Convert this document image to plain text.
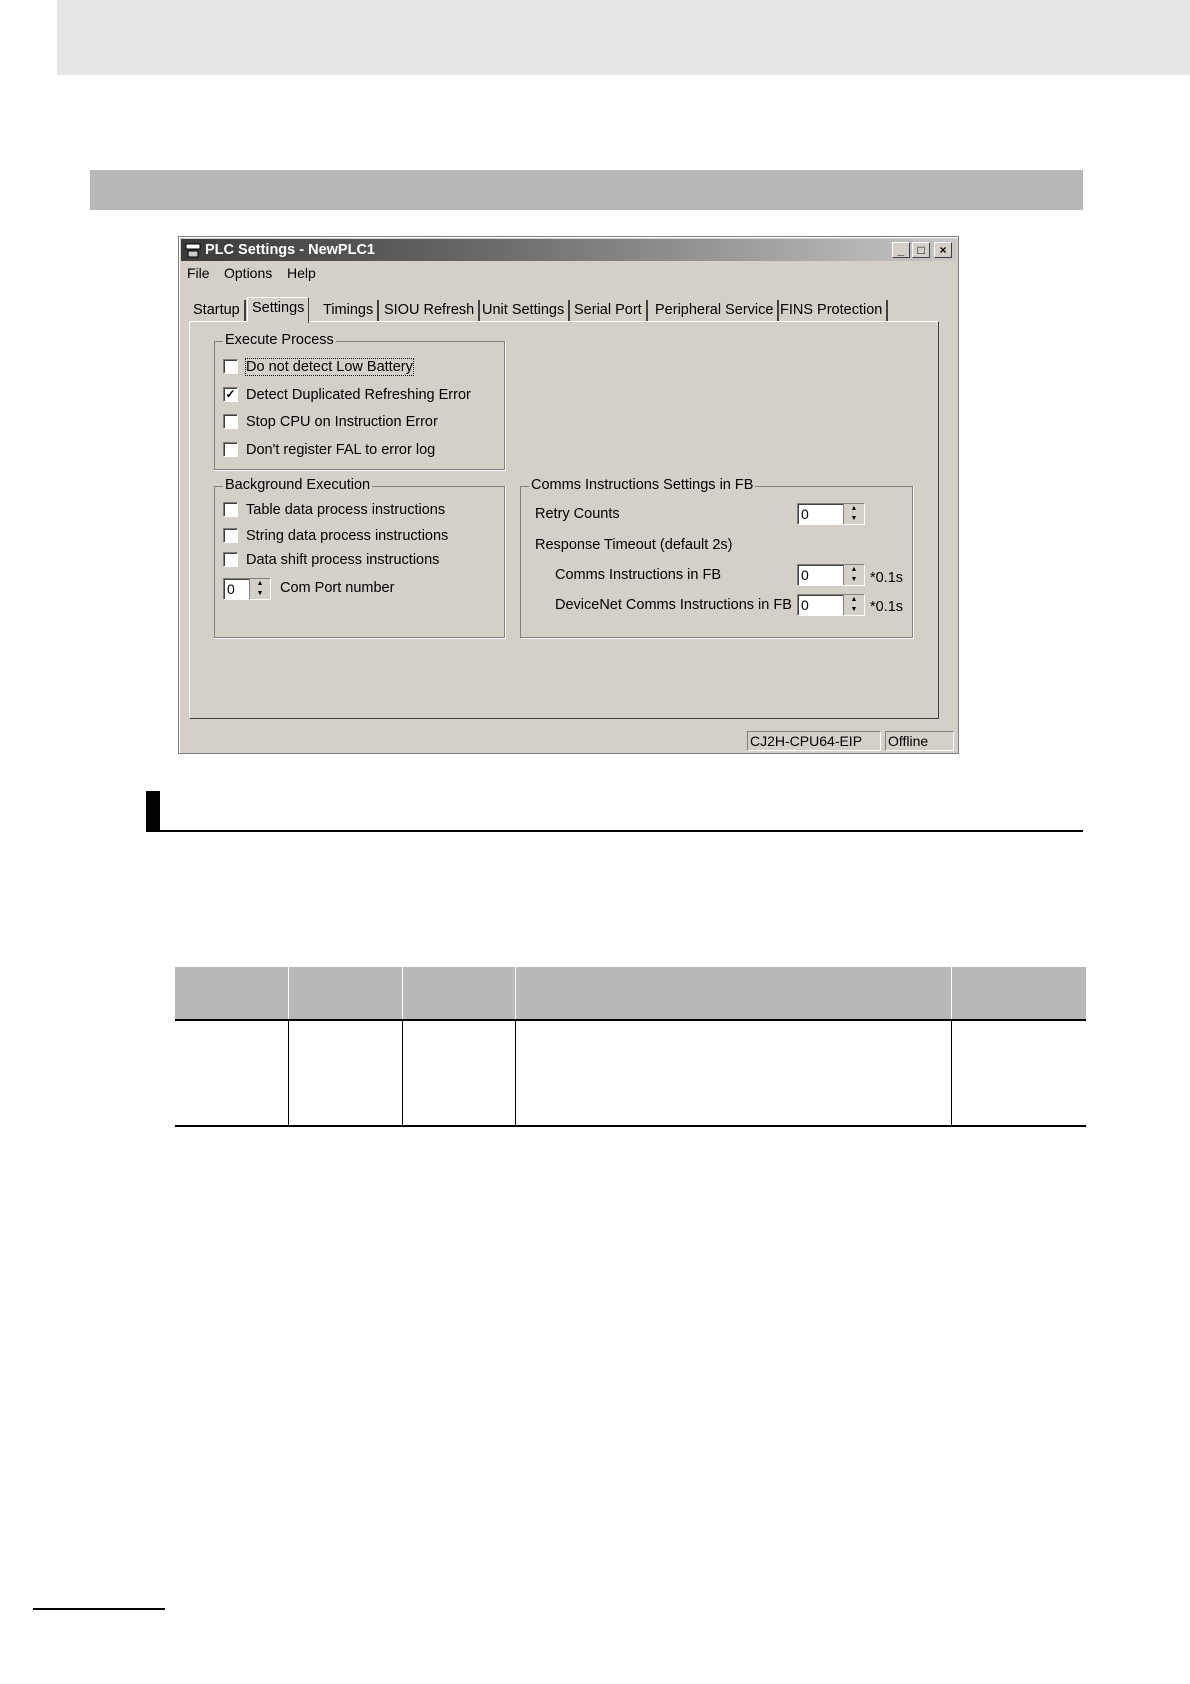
PLC Settings - NewPLC1	_	□	×
File Options Help
Startup Settings	Timings SIOU Refresh Unit Settings Serial Port Peripheral Service FINS Protection
Execute Process
Do not detect Low Battery
✓ Detect Duplicated Refreshing Error
Stop CPU on Instruction Error
Don't register FAL to error log
Background Execution
Table data process instructions
String data process instructions
Data shift process instructions
0	▲
▼	Com Port number
Comms Instructions Settings in FB
Retry Counts	0	▲
▼
Response Timeout (default 2s)
Comms Instructions in FB	0	▲
▼ *0.1s
DeviceNet Comms Instructions in FB 0	▲
▼ *0.1s
CJ2H-CPU64-EIP	Offline
